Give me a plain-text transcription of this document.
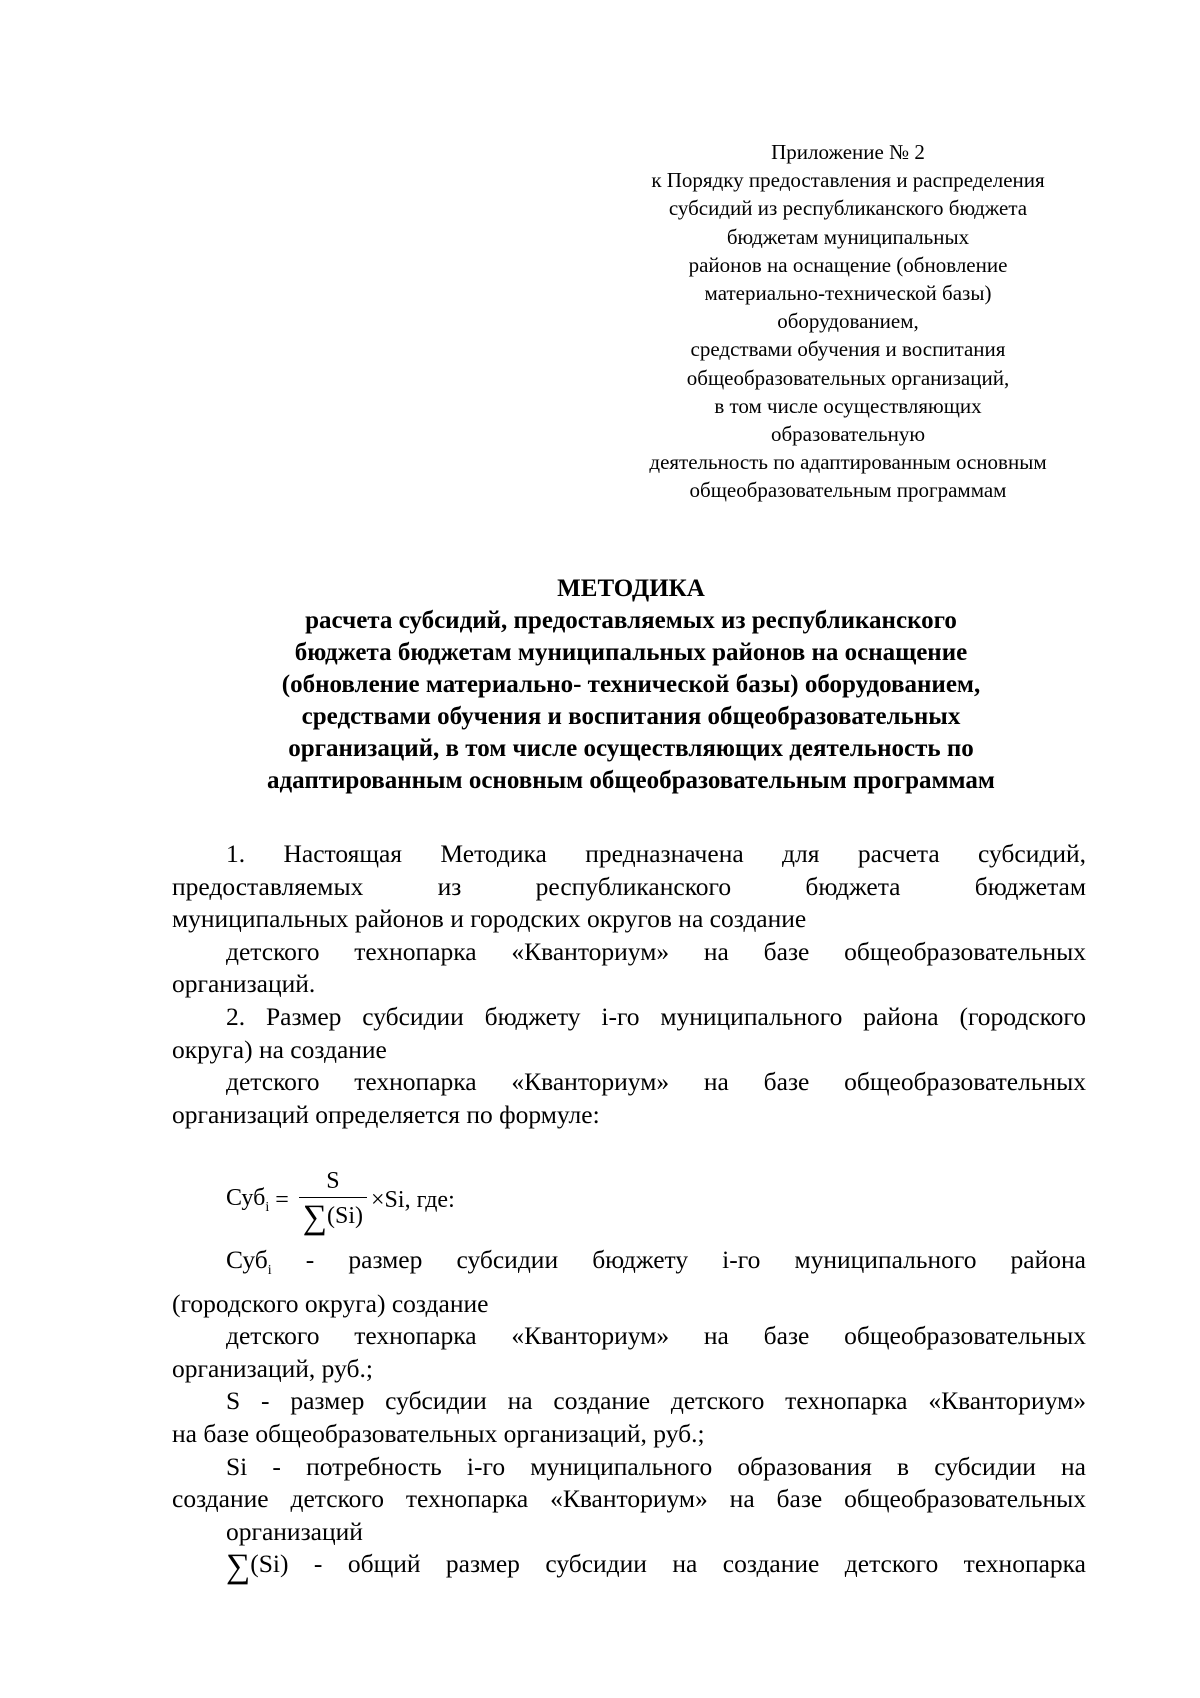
Приложение № 2
к Порядку предоставления и распределения
субсидий из республиканского бюджета
бюджетам муниципальных
районов на оснащение (обновление
материально-технической базы)
оборудованием,
средствами обучения и воспитания
общеобразовательных организаций,
в том числе осуществляющих
образовательную
деятельность по адаптированным основным
общеобразовательным программам
МЕТОДИКА
расчета субсидий, предоставляемых из республиканского
бюджета бюджетам муниципальных районов на оснащение
(обновление материально- технической базы) оборудованием,
средствами обучения и воспитания общеобразовательных
организаций, в том числе осуществляющих деятельность по
адаптированным основным общеобразовательным программам
1. Настоящая Методика предназначена для расчета субсидий, предоставляемых из республиканского бюджета бюджетам
муниципальных районов и городских округов на создание
детского технопарка «Кванториум» на базе общеобразовательных
организаций.
2. Размер субсидии бюджету i-го муниципального района (городского
округа) на создание
детского технопарка «Кванториум» на базе общеобразовательных
организаций определяется по формуле:
$Суб_i = \frac{S}{\sum(Si)} \times Si$, где:
Суб$_i$ - размер субсидии бюджету i-го муниципального района
(городского округа) создание
детского технопарка «Кванториум» на базе общеобразовательных
организаций, руб.;
S - размер субсидии на создание детского технопарка «Кванториум»
на базе общеобразовательных организаций, руб.;
Si - потребность i-го муниципального образования в субсидии на
создание детского технопарка «Кванториум» на базе общеобразовательных
организаций
∑(Si) - общий размер субсидии на создание детского технопарка
